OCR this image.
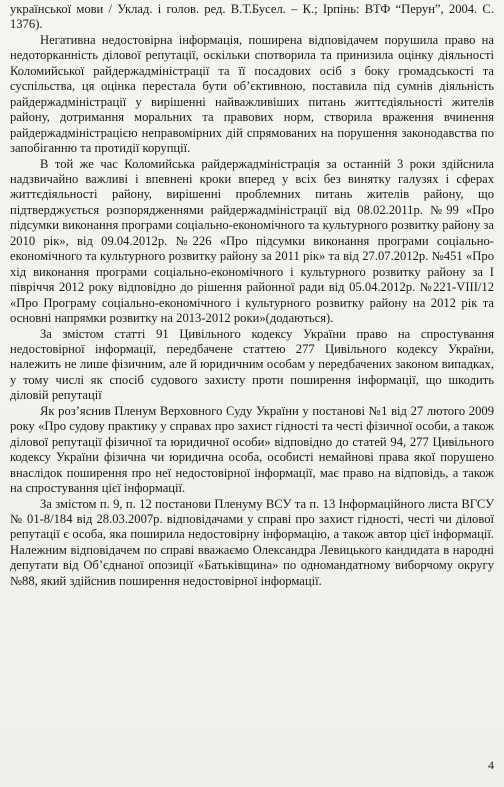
української мови / Уклад. і голов. ред. В.Т.Бусел. – К.; Ірпінь: ВТФ “Перун”, 2004. С. 1376).

Негативна недостовірна інформація, поширена відповідачем порушила право на недоторканність ділової репутації, оскільки спотворила та принизила оцінку діяльності Коломийської райдержадміністрації та її посадових осіб з боку громадськості та суспільства, ця оцінка перестала бути об’єктивною, поставила під сумнів діяльність райдержадміністрації у вирішенні найважливіших питань життєдіяльності жителів району, дотримання моральних та правових норм, створила враження вчинення райдержадміністрацією неправомірних дій спрямованих на порушення законодавства по запобіганню та протидії корупції.

В той же час Коломийська райдержадміністрація за останній 3 роки здійснила надзвичайно важливі і впевнені кроки вперед у всіх без винятку галузях і сферах життєдіяльності району, вирішенні проблемних питань жителів району, що підтверджується розпорядженнями райдержадміністрації від 08.02.2011р. №99 «Про підсумки виконання програми соціально-економічного та культурного розвитку району за 2010 рік», від 09.04.2012р. №226 «Про підсумки виконання програми соціально-економічного та культурного розвитку району за 2011 рік» та від 27.07.2012р. №451 «Про хід виконання програми соціально-економічного і культурного розвитку району за І півріччя 2012 року відповідно до рішення районної ради від 05.04.2012р. №221-VIII/12 «Про Програму соціально-економічного і культурного розвитку району на 2012 рік та основні напрямки розвитку на 2013-2012 роки»(додаються).

За змістом статті 91 Цивільного кодексу України право на спростування недостовірної інформації, передбачене статтею 277 Цивільного кодексу України, належить не лише фізичним, але й юридичним особам у передбачених законом випадках, у тому числі як спосіб судового захисту проти поширення інформації, що шкодить діловій репутації

Як роз’яснив Пленум Верховного Суду України у постанові №1 від 27 лютого 2009 року «Про судову практику у справах про захист гідності та честі фізичної особи, а також ділової репутації фізичної та юридичної особи» відповідно до статей 94, 277 Цивільного кодексу України фізична чи юридична особа, особисті немайнові права якої порушено внаслідок поширення про неї недостовірної інформації, має право на відповідь, а також на спростування цієї інформації.

За змістом п. 9, п. 12 постанови Пленуму ВСУ та п. 13 Інформаційного листа ВГСУ № 01-8/184 від 28.03.2007р. відповідачами у справі про захист гідності, честі чи ділової репутації є особа, яка поширила недостовірну інформацію, а також автор цієї інформації. Належним відповідачем по справі вважаємо Олександра Левицького кандидата в народні депутати від Об’єднаної опозиції «Батьківщина» по одномандатному виборчому округу №88, який здійснив поширення недостовірної інформації.

4
